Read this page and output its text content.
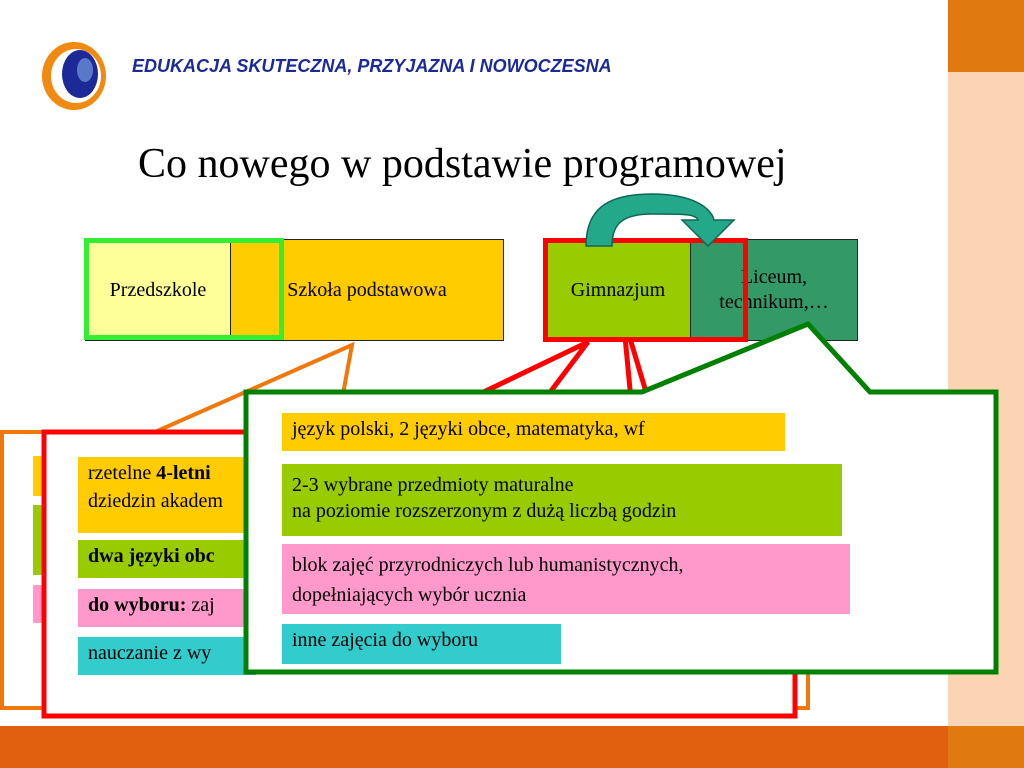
EDUKACJA SKUTECZNA, PRZYJAZNA I NOWOCZESNA
Co nowego w podstawie programowej
Przedszkole	Szkoła podstawowa	Gimnazjum
Liceum,
technikum,…
rzetelne 4-letni
dziedzin akadem
dwa języki obc
do wyboru: zaj
nauczanie z wy
język polski, 2 języki obce, matematyka, wf
2-3 wybrane przedmioty maturalne
na poziomie rozszerzonym z dużą liczbą godzin
blok zajęć przyrodniczych lub humanistycznych,
dopełniających wybór ucznia
inne zajęcia do wyboru
